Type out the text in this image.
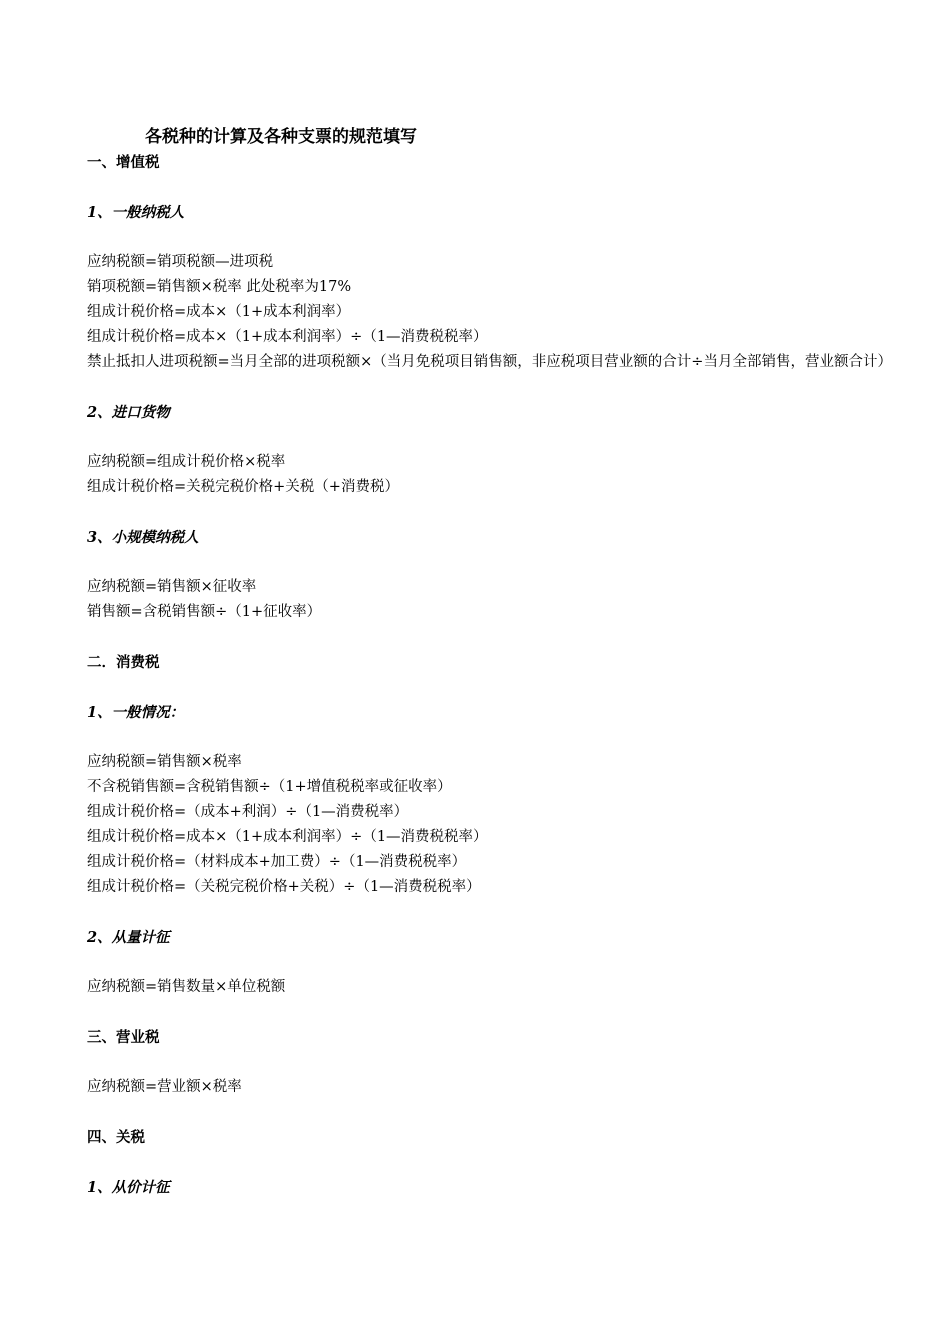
各税种的计算及各种支票的规范填写

一、增值税

1、一般纳税人

应纳税额=销项税额—进项税

销项税额=销售额×税率 此处税率为17%

组成计税价格=成本×（1+成本利润率）

组成计税价格=成本×（1+成本利润率）÷（1—消费税税率）

禁止抵扣人进项税额=当月全部的进项税额×（当月免税项目销售额，非应税项目营业额的合计÷当月全部销售，营业额合计）

2、进口货物

应纳税额=组成计税价格×税率

组成计税价格=关税完税价格+关税（+消费税）

3、小规模纳税人

应纳税额=销售额×征收率

销售额=含税销售额÷（1+征收率）

二．消费税

1、一般情况：

应纳税额=销售额×税率

不含税销售额=含税销售额÷（1+增值税税率或征收率）

组成计税价格=（成本+利润）÷（1—消费税率）

组成计税价格=成本×（1+成本利润率）÷（1—消费税税率）

组成计税价格=（材料成本+加工费）÷（1—消费税税率）

组成计税价格=（关税完税价格+关税）÷（1—消费税税率）

2、从量计征

应纳税额=销售数量×单位税额

三、营业税

应纳税额=营业额×税率

四、关税

1、从价计征
